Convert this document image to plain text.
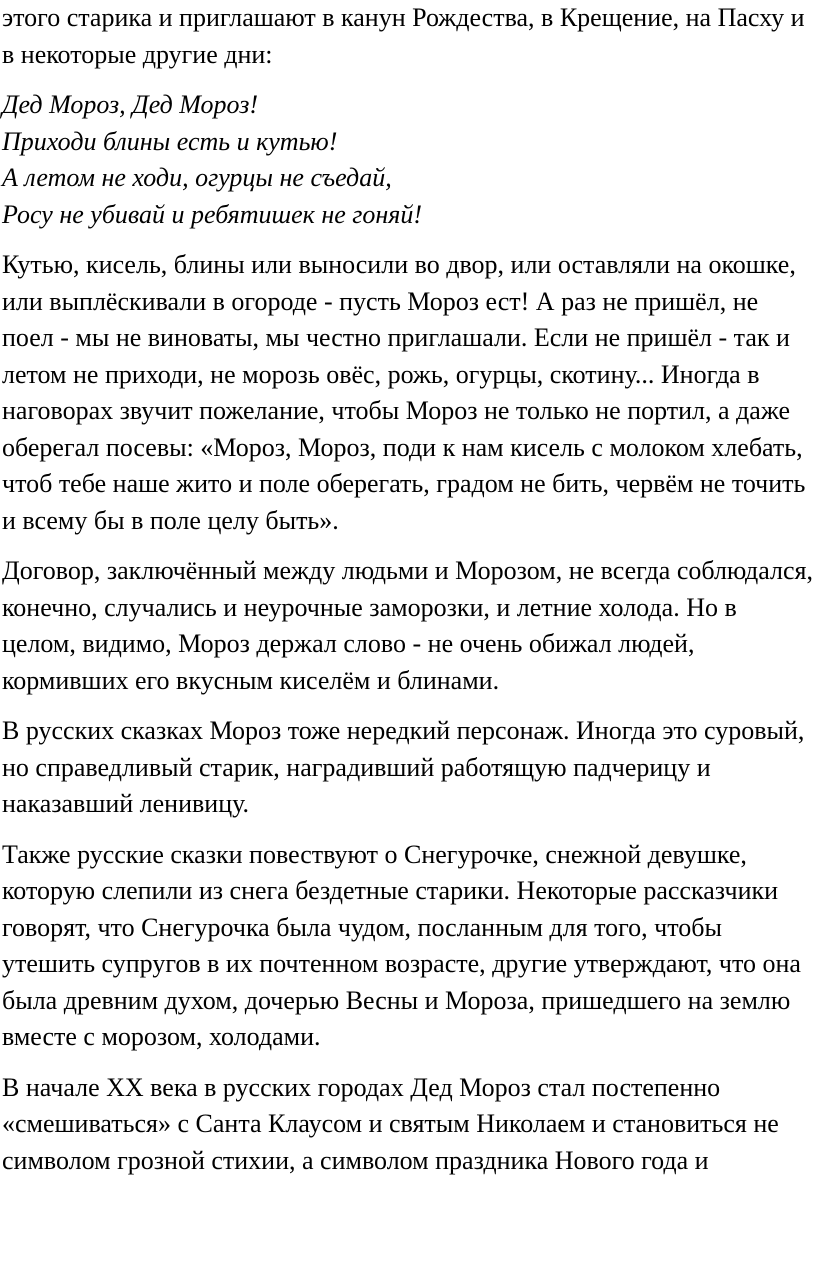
этого старика и приглашают в канун Рождества, в Крещение, на Пасху и в некоторые другие дни:

Дед Мороз, Дед Мороз!
Приходи блины есть и кутью!
А летом не ходи, огурцы не съедай,
Росу не убивай и ребятишек не гоняй!

Кутью, кисель, блины или выносили во двор, или оставляли на окошке, или выплёскивали в огороде - пусть Мороз ест! А раз не пришёл, не поел - мы не виноваты, мы честно приглашали. Если не пришёл - так и летом не приходи, не морозь овёс, рожь, огурцы, скотину... Иногда в наговорах звучит пожелание, чтобы Мороз не только не портил, а даже оберегал посевы: «Мороз, Мороз, поди к нам кисель с молоком хлебать, чтоб тебе наше жито и поле оберегать, градом не бить, червём не точить и всему бы в поле целу быть».

Договор, заключённый между людьми и Морозом, не всегда соблюдался, конечно, случались и неурочные заморозки, и летние холода. Но в целом, видимо, Мороз держал слово - не очень обижал людей, кормивших его вкусным киселём и блинами.

В русских сказках Мороз тоже нередкий персонаж. Иногда это суровый, но справедливый старик, наградивший работящую падчерицу и наказавший ленивицу.

Также русские сказки повествуют о Снегурочке, снежной девушке, которую слепили из снега бездетные старики. Некоторые рассказчики говорят, что Снегурочка была чудом, посланным для того, чтобы утешить супругов в их почтенном возрасте, другие утверждают, что она была древним духом, дочерью Весны и Мороза, пришедшего на землю вместе с морозом, холодами.

В начале XX века в русских городах Дед Мороз стал постепенно «смешиваться» с Санта Клаусом и святым Николаем и становиться не символом грозной стихии, а символом праздника Нового года и
